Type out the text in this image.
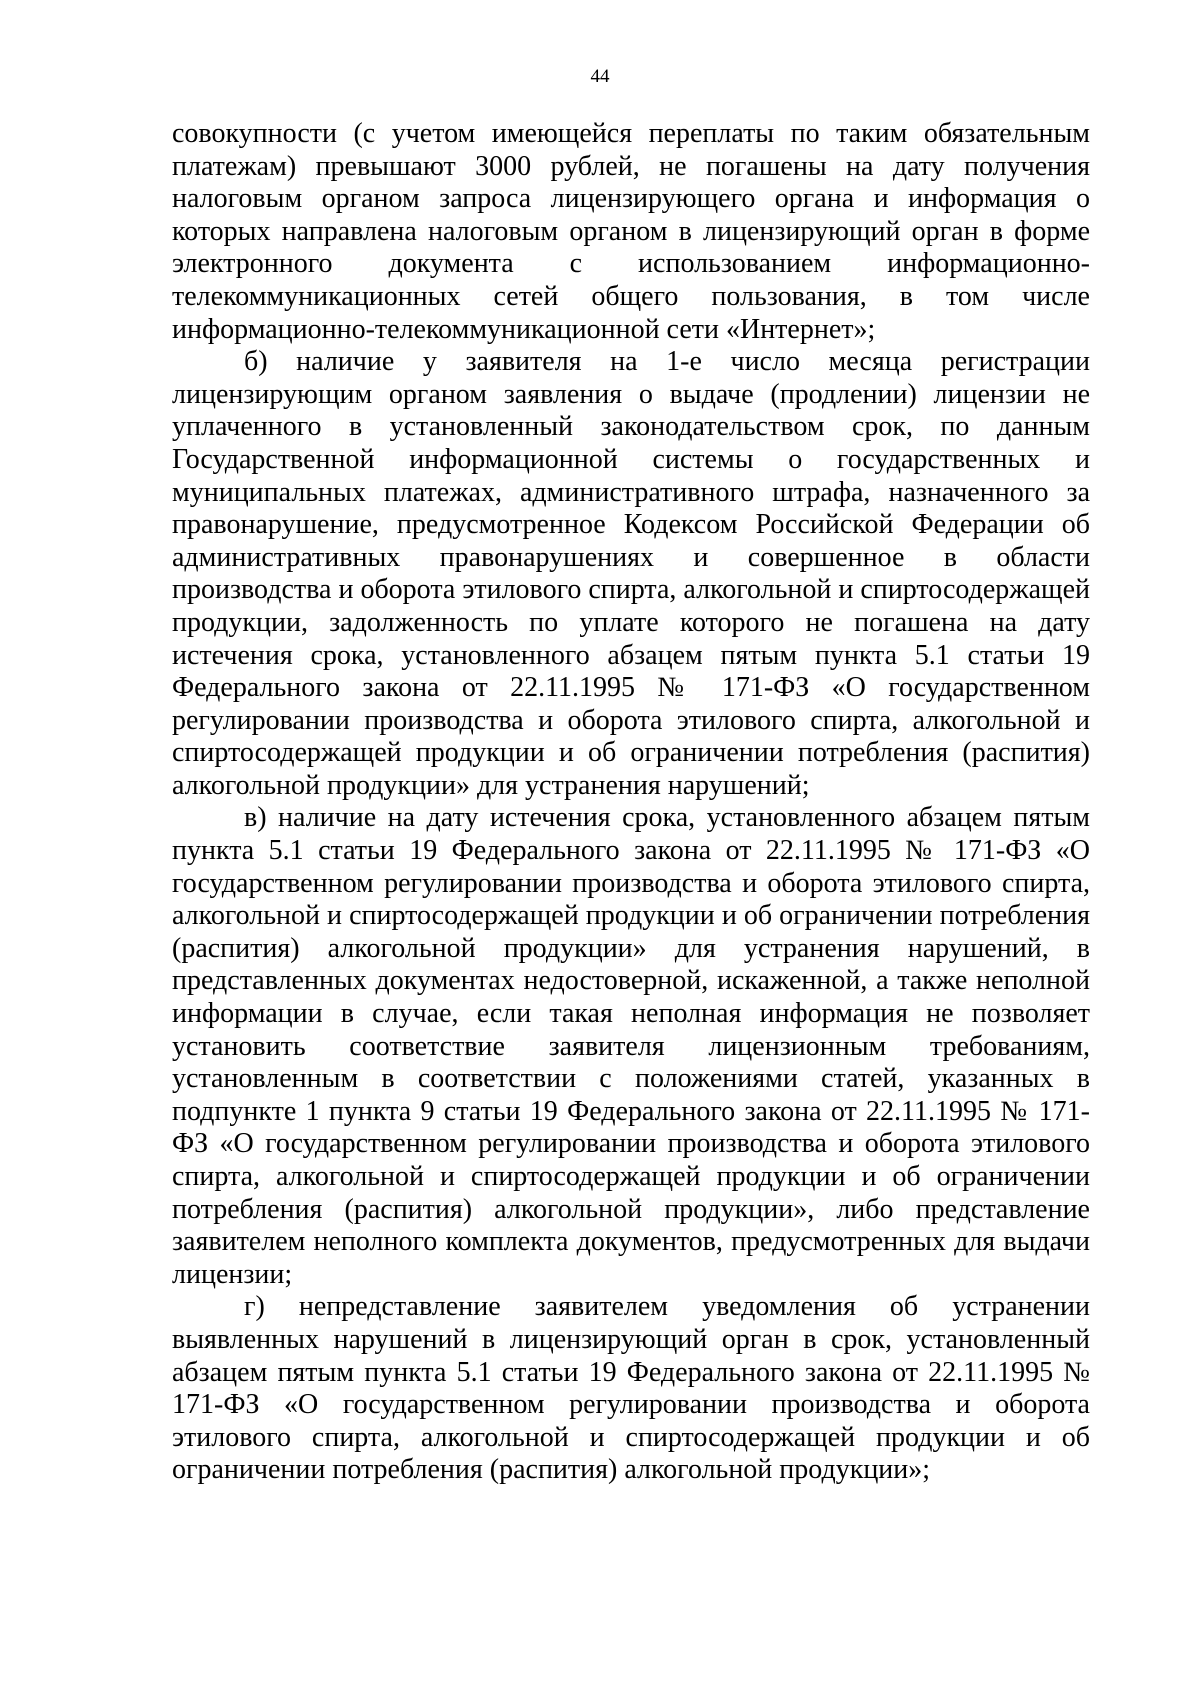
44

совокупности (с учетом имеющейся переплаты по таким обязательным платежам) превышают 3000 рублей, не погашены на дату получения налоговым органом запроса лицензирующего органа и информация о которых направлена налоговым органом в лицензирующий орган в форме электронного документа с использованием информационно-телекоммуникационных сетей общего пользования, в том числе информационно-телекоммуникационной сети «Интернет»;

б) наличие у заявителя на 1-е число месяца регистрации лицензирующим органом заявления о выдаче (продлении) лицензии не уплаченного в установленный законодательством срок, по данным Государственной информационной системы о государственных и муниципальных платежах, административного штрафа, назначенного за правонарушение, предусмотренное Кодексом Российской Федерации об административных правонарушениях и совершенное в области производства и оборота этилового спирта, алкогольной и спиртосодержащей продукции, задолженность по уплате которого не погашена на дату истечения срока, установленного абзацем пятым пункта 5.1 статьи 19 Федерального закона от 22.11.1995 № 171-ФЗ «О государственном регулировании производства и оборота этилового спирта, алкогольной и спиртосодержащей продукции и об ограничении потребления (распития) алкогольной продукции» для устранения нарушений;

в) наличие на дату истечения срока, установленного абзацем пятым пункта 5.1 статьи 19 Федерального закона от 22.11.1995 № 171-ФЗ «О государственном регулировании производства и оборота этилового спирта, алкогольной и спиртосодержащей продукции и об ограничении потребления (распития) алкогольной продукции» для устранения нарушений, в представленных документах недостоверной, искаженной, а также неполной информации в случае, если такая неполная информация не позволяет установить соответствие заявителя лицензионным требованиям, установленным в соответствии с положениями статей, указанных в подпункте 1 пункта 9 статьи 19 Федерального закона от 22.11.1995 № 171-ФЗ «О государственном регулировании производства и оборота этилового спирта, алкогольной и спиртосодержащей продукции и об ограничении потребления (распития) алкогольной продукции», либо представление заявителем неполного комплекта документов, предусмотренных для выдачи лицензии;

г) непредставление заявителем уведомления об устранении выявленных нарушений в лицензирующий орган в срок, установленный абзацем пятым пункта 5.1 статьи 19 Федерального закона от 22.11.1995 № 171-ФЗ «О государственном регулировании производства и оборота этилового спирта, алкогольной и спиртосодержащей продукции и об ограничении потребления (распития) алкогольной продукции»;
